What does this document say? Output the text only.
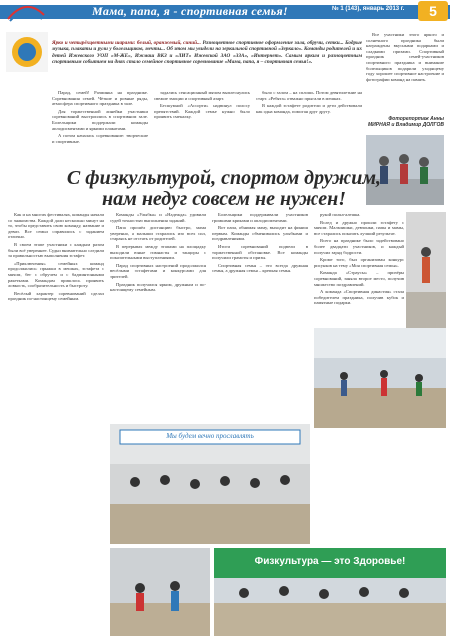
Мама, папа, я - спортивная семья!	№ 1 (143), январь 2013 г.	5
Ярко и четырёхцветными шарами: белый, оранжевый, синий... Разноцветное спортивное оформление зала, обручи, сетки... Бодрые музыка, плакаты и рули у болельщиков, мечты... Об этом мы увидели на зеркальной спортивной «Зеркало». Команды родителей и их детей Ижевского УОП «М-ЖЕ», Ижмаш ВКЗ и «ЛИТ» Ижевской ЗАО «ЗЗА», «Интернет». Самым ярким и разноцветным спортивным событием на днях стало семейное спортивное соревнование «Мама, папа, я – спортивная семья!».

Все участники этого яркого и солнечного праздника были награждены вкусными подарками и сладкими призами. Спортивный праздник семей-участников спортивного праздника и внимание болельщиков подарили уходящему году хорошее спортивное настроение и фотографии команд на память.

Фоторепортаж Анны МИРНАЯ и Владимир ДОЛГОВ

Парад, семей! Разминка на празднике. Соревнования семей. Чёткие и ровные ряды, атмосфера спортивного праздника в зале.

Для торжественной линейки участники соревнований выстроились в спортивном зале. Болельщики поддержали команды аплодисментами и яркими плакатами.

А потом началась соревнование: творческие и спортивные.

задались сенсационный мячом выплеснулись свежие эмоции и спортивный азарт.

Бесшумной «Ассорти» надвинул полосу препятствий. Каждой семье нужно было проявить смекалку.

было с залом – на сплошь. Потом девятилетние на старт. «Ребята» отважно прыгали в мешках.

В каждой эстафете родители и дети действовали как одна команда, помогая друг другу.

С физкультурой, спортом дружим,
нам недуг совсем не нужен!

Как и на многих фестивалях, команды начали со знакомства. Каждой дали несколько минут на то, чтобы представить свою команду, название и девиз. Все семьи справились с заданием отлично.

В своем этапе участники с каждым разом были всё увереннее. Судьи внимательно следили за правильностью выполнения эстафет.

«Приключения» семейных команд продолжились: прыжки в мешках, эстафета с мячом, бег с обручем и с бадминтонными ракетками. Командам пришлось проявить ловкость, сообразительность и быстроту.

Весёлый характер соревнований сделал праздник по-настоящему семейным.

Команды «Улыбка» и «Надежда» удивили судей точностью выполнения заданий.

Папа прошёл дистанцию быстро, мама уверенно, а малыши старались изо всех сил, стараясь не отстать от родителей.

В перерывах между этапами на площадку выходили юные гимнасты и танцоры с показательными выступлениями.

Парад спортивных настроений продолжился весёлыми эстафетами и конкурсами для зрителей.

Праздник получился ярким, дружным и по-настоящему семейным.

Болельщики поддерживали участников громкими криками и аплодисментами.

Вот папа, обнимая маму, выходит на финиш первым. Команды обменивались улыбками и поздравлениями.

Итоги соревнований подвели в торжественной обстановке. Все команды получили грамоты и призы.

Спортивная семья – это всегда дружная семья, а дружная семья – крепкая семья.

рукой полка-алешка.

Вслед и дружно прошли эстафету с мячом. Мальчишки, девчонки, папы и мамы, все старались показать лучший результат.

Всего на празднике было задействовано более двадцати участников, и каждый получил заряд бодрости.

Кроме того, был организован конкурс рисунков на тему «Моя спортивная семья».

Команда «Страусы» – призёры соревнований, заняла второе место, получив множество поздравлений.

А команда «Спортивная династия» стала победителем праздника, получив кубок и памятные подарки.

Мы будем вечно прославлять
Физкультура — это Здоровье!
